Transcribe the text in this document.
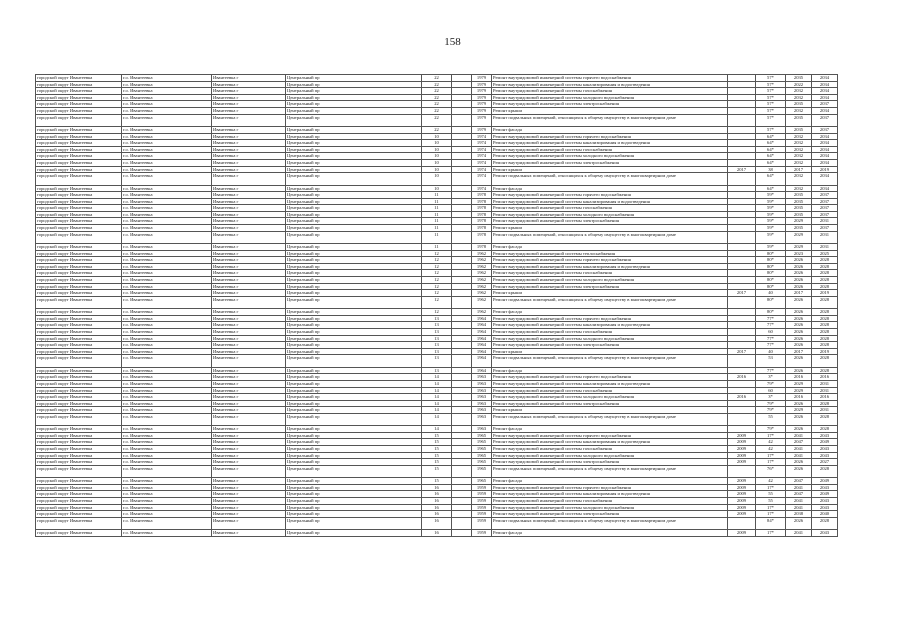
158
городской округ Ивантеевка	г.о. Ивантеевка	Ивантеевка г	Центральный пр	22		1979	Ремонт внутридомовой инженерной системы горячего водоснабжения		57*	2035	2034
городской округ Ивантеевка	г.о. Ивантеевка	Ивантеевка г	Центральный пр	22		1979	Ремонт внутридомовой инженерной системы канализирования и водоотведения		57*	2022	2034
городской округ Ивантеевка	г.о. Ивантеевка	Ивантеевка г	Центральный пр	22		1979	Ремонт внутридомовой инженерной системы газоснабжения		57*	2032	2034
городской округ Ивантеевка	г.о. Ивантеевка	Ивантеевка г	Центральный пр	22		1979	Ремонт внутридомовой инженерной системы холодного водоснабжения		57*	2032	2034
городской округ Ивантеевка	г.о. Ивантеевка	Ивантеевка г	Центральный пр	22		1979	Ремонт внутридомовой инженерной системы электроснабжения		57*	2035	2037
городской округ Ивантеевка	г.о. Ивантеевка	Ивантеевка г	Центральный пр	22		1979	Ремонт крыши		57*	2032	2034
городской округ Ивантеевка	г.о. Ивантеевка	Ивантеевка г	Центральный пр	22		1979	Ремонт подвальных помещений, относящихся к общему имуществу в многоквартирном доме		57*	2035	2037
городской округ Ивантеевка	г.о. Ивантеевка	Ивантеевка г	Центральный пр	22		1979	Ремонт фасада		57*	2035	2037
городской округ Ивантеевка	г.о. Ивантеевка	Ивантеевка г	Центральный пр	10		1974	Ремонт внутридомовой инженерной системы горячего водоснабжения		64*	2032	2034
городской округ Ивантеевка	г.о. Ивантеевка	Ивантеевка г	Центральный пр	10		1974	Ремонт внутридомовой инженерной системы канализирования и водоотведения		64*	2032	2034
городской округ Ивантеевка	г.о. Ивантеевка	Ивантеевка г	Центральный пр	10		1974	Ремонт внутридомовой инженерной системы газоснабжения		64*	2032	2034
городской округ Ивантеевка	г.о. Ивантеевка	Ивантеевка г	Центральный пр	10		1974	Ремонт внутридомовой инженерной системы холодного водоснабжения		64*	2032	2034
городской округ Ивантеевка	г.о. Ивантеевка	Ивантеевка г	Центральный пр	10		1974	Ремонт внутридомовой инженерной системы электроснабжения		64*	2032	2034
городской округ Ивантеевка	г.о. Ивантеевка	Ивантеевка г	Центральный пр	10		1974	Ремонт крыши	2017	38	2017	2019
городской округ Ивантеевка	г.о. Ивантеевка	Ивантеевка г	Центральный пр	10		1974	Ремонт подвальных помещений, относящихся к общему имуществу в многоквартирном доме		64*	2032	2034
городской округ Ивантеевка	г.о. Ивантеевка	Ивантеевка г	Центральный пр	10		1974	Ремонт фасада		64*	2032	2034
городской округ Ивантеевка	г.о. Ивантеевка	Ивантеевка г	Центральный пр	11		1978	Ремонт внутридомовой инженерной системы горячего водоснабжения		59*	2035	2037
городской округ Ивантеевка	г.о. Ивантеевка	Ивантеевка г	Центральный пр	11		1978	Ремонт внутридомовой инженерной системы канализирования и водоотведения		59*	2035	2037
городской округ Ивантеевка	г.о. Ивантеевка	Ивантеевка г	Центральный пр	11		1978	Ремонт внутридомовой инженерной системы газоснабжения		59*	2035	2037
городской округ Ивантеевка	г.о. Ивантеевка	Ивантеевка г	Центральный пр	11		1978	Ремонт внутридомовой инженерной системы холодного водоснабжения		59*	2035	2037
городской округ Ивантеевка	г.о. Ивантеевка	Ивантеевка г	Центральный пр	11		1978	Ремонт внутридомовой инженерной системы электроснабжения		59*	2029	2031
городской округ Ивантеевка	г.о. Ивантеевка	Ивантеевка г	Центральный пр	11		1978	Ремонт крыши		59*	2035	2037
городской округ Ивантеевка	г.о. Ивантеевка	Ивантеевка г	Центральный пр	11		1978	Ремонт подвальных помещений, относящихся к общему имуществу в многоквартирном доме		59*	2029	2031
городской округ Ивантеевка	г.о. Ивантеевка	Ивантеевка г	Центральный пр	11		1978	Ремонт фасада		59*	2029	2031
городской округ Ивантеевка	г.о. Ивантеевка	Ивантеевка г	Центральный пр	12		1962	Ремонт внутридомовой инженерной системы теплоснабжения		80*	2023	2025
городской округ Ивантеевка	г.о. Ивантеевка	Ивантеевка г	Центральный пр	12		1962	Ремонт внутридомовой инженерной системы горячего водоснабжения		80*	2026	2028
городской округ Ивантеевка	г.о. Ивантеевка	Ивантеевка г	Центральный пр	12		1962	Ремонт внутридомовой инженерной системы канализирования и водоотведения		80*	2026	2028
городской округ Ивантеевка	г.о. Ивантеевка	Ивантеевка г	Центральный пр	12		1962	Ремонт внутридомовой инженерной системы газоснабжения		80*	2026	2028
городской округ Ивантеевка	г.о. Ивантеевка	Ивантеевка г	Центральный пр	12		1962	Ремонт внутридомовой инженерной системы холодного водоснабжения		80*	2026	2028
городской округ Ивантеевка	г.о. Ивантеевка	Ивантеевка г	Центральный пр	12		1962	Ремонт внутридомовой инженерной системы электроснабжения		80*	2026	2028
городской округ Ивантеевка	г.о. Ивантеевка	Ивантеевка г	Центральный пр	12		1962	Ремонт крыши	2017	40	2017	2019
городской округ Ивантеевка	г.о. Ивантеевка	Ивантеевка г	Центральный пр	12		1962	Ремонт подвальных помещений, относящихся к общему имуществу в многоквартирном доме		80*	2026	2028
городской округ Ивантеевка	г.о. Ивантеевка	Ивантеевка г	Центральный пр	12		1962	Ремонт фасада		80*	2026	2028
городской округ Ивантеевка	г.о. Ивантеевка	Ивантеевка г	Центральный пр	13		1964	Ремонт внутридомовой инженерной системы горячего водоснабжения		77*	2026	2028
городской округ Ивантеевка	г.о. Ивантеевка	Ивантеевка г	Центральный пр	13		1964	Ремонт внутридомовой инженерной системы канализирования и водоотведения		77*	2026	2028
городской округ Ивантеевка	г.о. Ивантеевка	Ивантеевка г	Центральный пр	13		1964	Ремонт внутридомовой инженерной системы газоснабжения		60	2026	2028
городской округ Ивантеевка	г.о. Ивантеевка	Ивантеевка г	Центральный пр	13		1964	Ремонт внутридомовой инженерной системы холодного водоснабжения		77*	2026	2028
городской округ Ивантеевка	г.о. Ивантеевка	Ивантеевка г	Центральный пр	13		1964	Ремонт внутридомовой инженерной системы электроснабжения		77*	2026	2028
городской округ Ивантеевка	г.о. Ивантеевка	Ивантеевка г	Центральный пр	13		1964	Ремонт крыши	2017	40	2017	2019
городской округ Ивантеевка	г.о. Ивантеевка	Ивантеевка г	Центральный пр	13		1964	Ремонт подвальных помещений, относящихся к общему имуществу в многоквартирном доме		53	2026	2028
городской округ Ивантеевка	г.о. Ивантеевка	Ивантеевка г	Центральный пр	13		1964	Ремонт фасада		77*	2026	2028
городской округ Ивантеевка	г.о. Ивантеевка	Ивантеевка г	Центральный пр	14		1963	Ремонт внутридомовой инженерной системы горячего водоснабжения	2016	3*	2016	2016
городской округ Ивантеевка	г.о. Ивантеевка	Ивантеевка г	Центральный пр	14		1963	Ремонт внутридомовой инженерной системы канализирования и водоотведения		79*	2029	2031
городской округ Ивантеевка	г.о. Ивантеевка	Ивантеевка г	Центральный пр	14		1963	Ремонт внутридомовой инженерной системы газоснабжения		60	2029	2031
городской округ Ивантеевка	г.о. Ивантеевка	Ивантеевка г	Центральный пр	14		1963	Ремонт внутридомовой инженерной системы холодного водоснабжения	2016	3*	2016	2016
городской округ Ивантеевка	г.о. Ивантеевка	Ивантеевка г	Центральный пр	14		1963	Ремонт внутридомовой инженерной системы электроснабжения		79*	2026	2028
городской округ Ивантеевка	г.о. Ивантеевка	Ивантеевка г	Центральный пр	14		1963	Ремонт крыши		79*	2029	2031
городской округ Ивантеевка	г.о. Ивантеевка	Ивантеевка г	Центральный пр	14		1963	Ремонт подвальных помещений, относящихся к общему имуществу в многоквартирном доме		55	2026	2028
городской округ Ивантеевка	г.о. Ивантеевка	Ивантеевка г	Центральный пр	14		1963	Ремонт фасада		79*	2026	2028
городской округ Ивантеевка	г.о. Ивантеевка	Ивантеевка г	Центральный пр	15		1965	Ремонт внутридомовой инженерной системы горячего водоснабжения	2009	17*	2041	2043
городской округ Ивантеевка	г.о. Ивантеевка	Ивантеевка г	Центральный пр	15		1965	Ремонт внутридомовой инженерной системы канализирования и водоотведения	2009	42	2047	2049
городской округ Ивантеевка	г.о. Ивантеевка	Ивантеевка г	Центральный пр	15		1965	Ремонт внутридомовой инженерной системы газоснабжения	2009	42	2041	2043
городской округ Ивантеевка	г.о. Ивантеевка	Ивантеевка г	Центральный пр	15		1965	Ремонт внутридомовой инженерной системы холодного водоснабжения	2009	17*	2041	2043
городской округ Ивантеевка	г.о. Ивантеевка	Ивантеевка г	Центральный пр	15		1965	Ремонт внутридомовой инженерной системы электроснабжения	2009	17*	2026	2027
городской округ Ивантеевка	г.о. Ивантеевка	Ивантеевка г	Центральный пр	15		1965	Ремонт подвальных помещений, относящихся к общему имуществу в многоквартирном доме		76*	2026	2028
городской округ Ивантеевка	г.о. Ивантеевка	Ивантеевка г	Центральный пр	15		1965	Ремонт фасада	2009	42	2047	2049
городской округ Ивантеевка	г.о. Ивантеевка	Ивантеевка г	Центральный пр	16		1959	Ремонт внутридомовой инженерной системы горячего водоснабжения	2009	17*	2041	2043
городской округ Ивантеевка	г.о. Ивантеевка	Ивантеевка г	Центральный пр	16		1959	Ремонт внутридомовой инженерной системы канализирования и водоотведения	2009	55	2047	2049
городской округ Ивантеевка	г.о. Ивантеевка	Ивантеевка г	Центральный пр	16		1959	Ремонт внутридомовой инженерной системы газоснабжения	2009	55	2041	2043
городской округ Ивантеевка	г.о. Ивантеевка	Ивантеевка г	Центральный пр	16		1959	Ремонт внутридомовой инженерной системы холодного водоснабжения	2009	17*	2041	2043
городской округ Ивантеевка	г.о. Ивантеевка	Ивантеевка г	Центральный пр	16		1959	Ремонт внутридомовой инженерной системы электроснабжения	2009	17*	2038	2040
городской округ Ивантеевка	г.о. Ивантеевка	Ивантеевка г	Центральный пр	16		1959	Ремонт подвальных помещений, относящихся к общему имуществу в многоквартирном доме		84*	2026	2028
городской округ Ивантеевка	г.о. Ивантеевка	Ивантеевка г	Центральный пр	16		1959	Ремонт фасада	2009	17*	2041	2043
